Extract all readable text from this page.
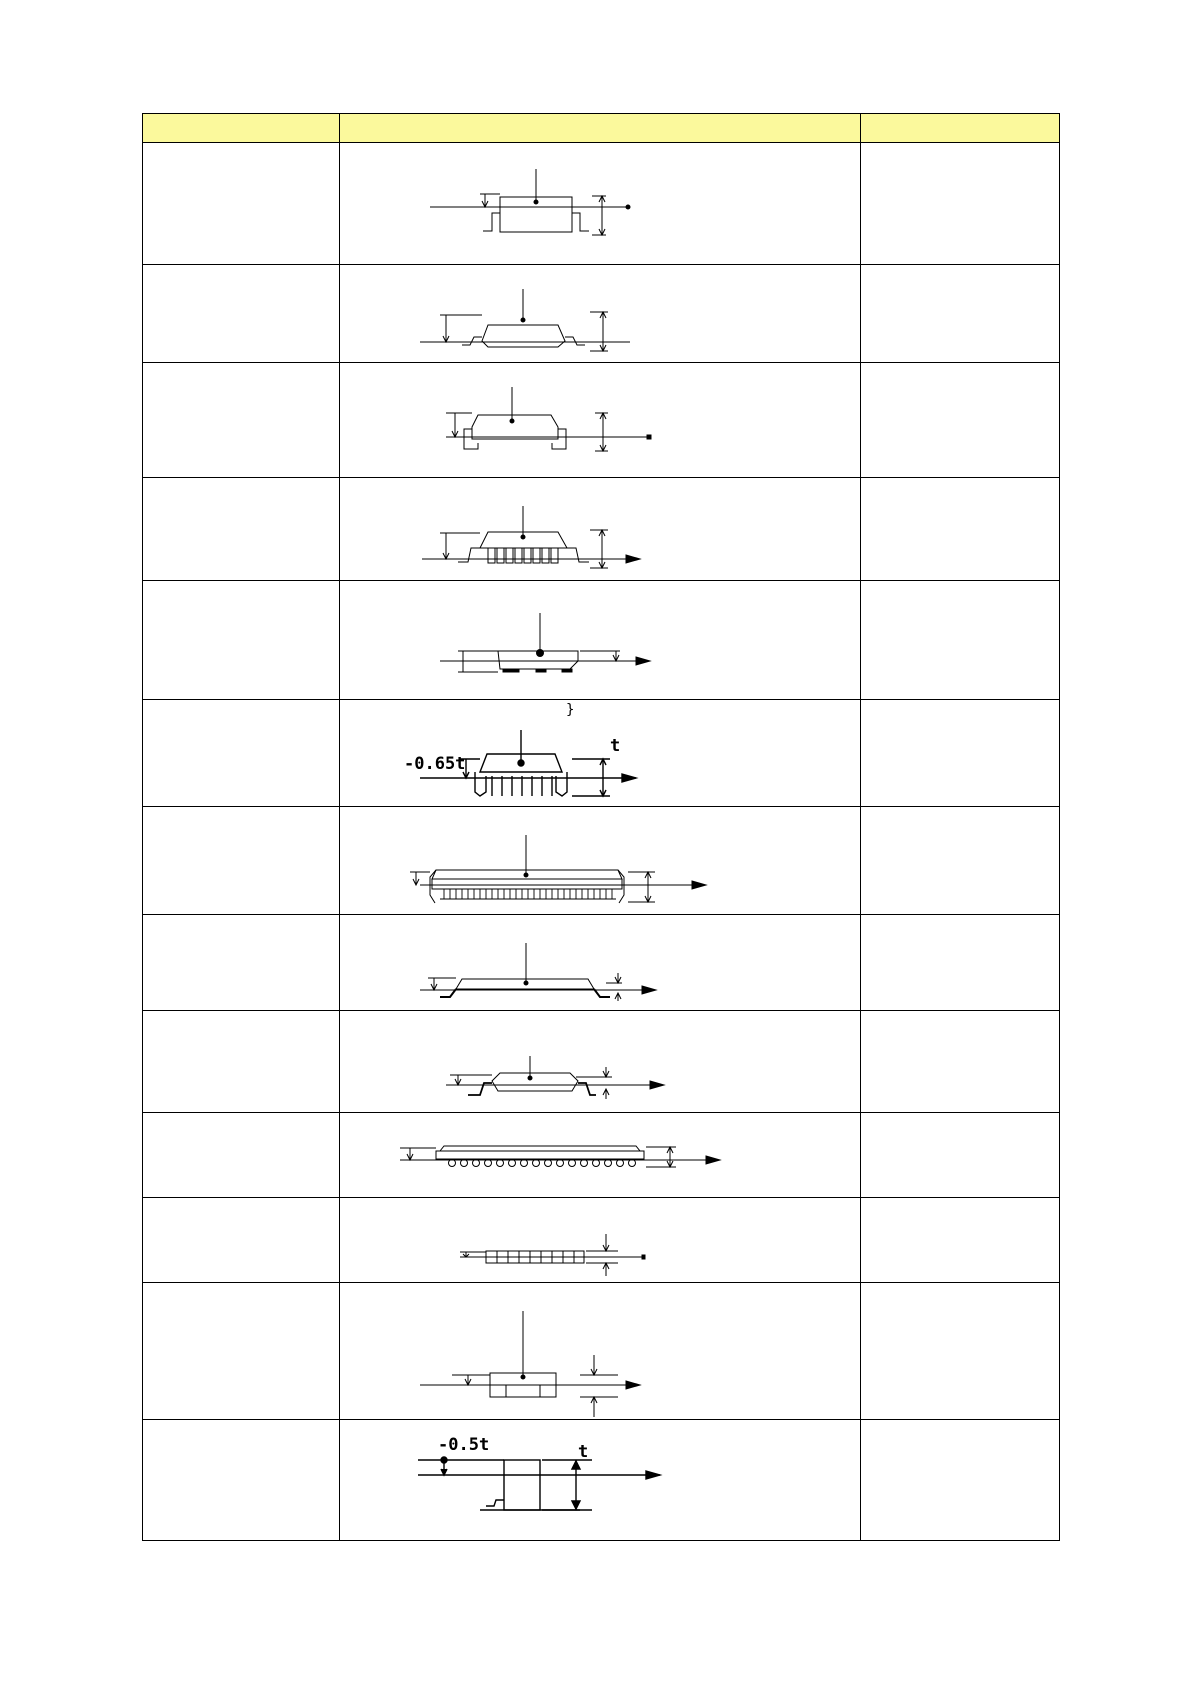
}
-0.65t
t	

-0.5t t	
